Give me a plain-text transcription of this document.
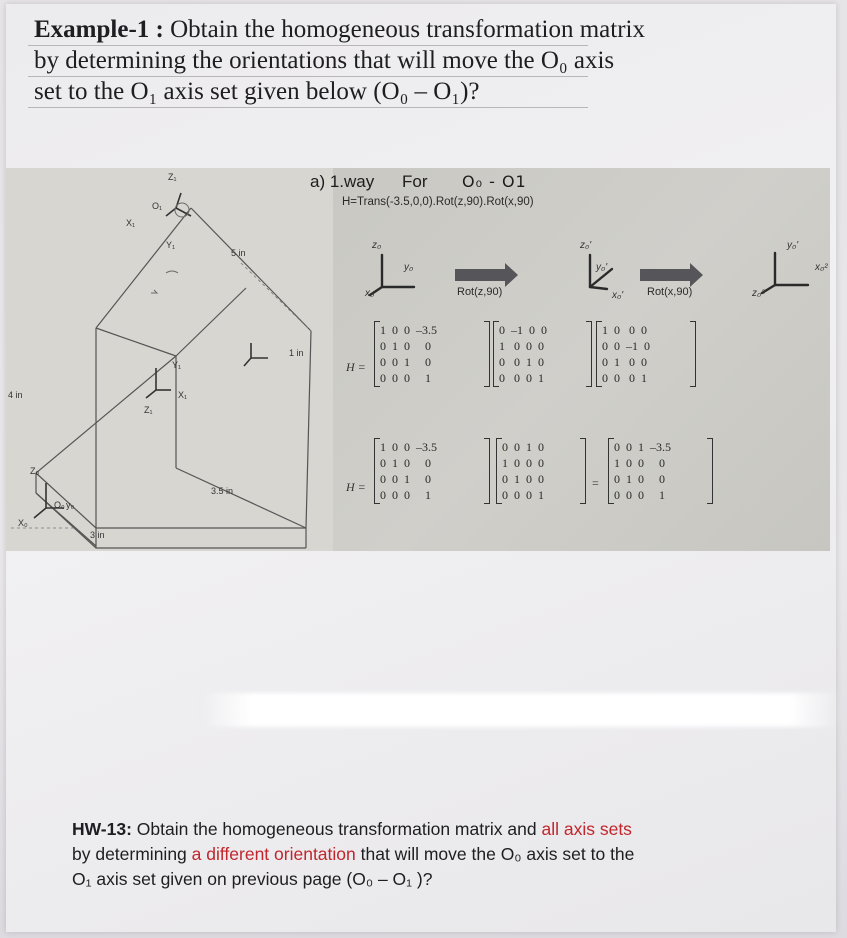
Example-1 : Obtain the homogeneous transformation matrix
by determining the orientations that will move the O₀ axis
set to the O₁ axis set given below (O₀ – O₁)?
O₁
X₁
Y₁
Z₁
5 in
1 in
4 in
3.5 in
3 in
Y₁
X₁
Z₁
O₀ y₀
X₀
Z₀
a) 1.way For O₀ - O1
H=Trans(-3.5,0,0).Rot(z,90).Rot(x,90)
z₀
y₀
x₀
z₀'
y₀'
x₀'	z₀²
y₀'
x₀²
Rot(z,90)	Rot(x,90)
H =
1  0  0  –3.5
0  1  0     0
0  0  1     0
0  0  0     1
0  –1  0  0
1   0  0  0
0   0  1  0
0   0  0  1
1  0   0  0
0  0  –1  0
0  1   0  0
0  0   0  1
H =
1  0  0  –3.5
0  1  0     0
0  0  1     0
0  0  0     1
0  0  1  0
1  0  0  0
0  1  0  0
0  0  0  1
=
0  0  1  –3.5
1  0  0     0
0  1  0     0
0  0  0     1
HW-13: Obtain the homogeneous transformation matrix and all axis sets
by determining a different orientation that will move the O₀ axis set to the
O₁ axis set given on previous page (O₀ – O₁ )?
